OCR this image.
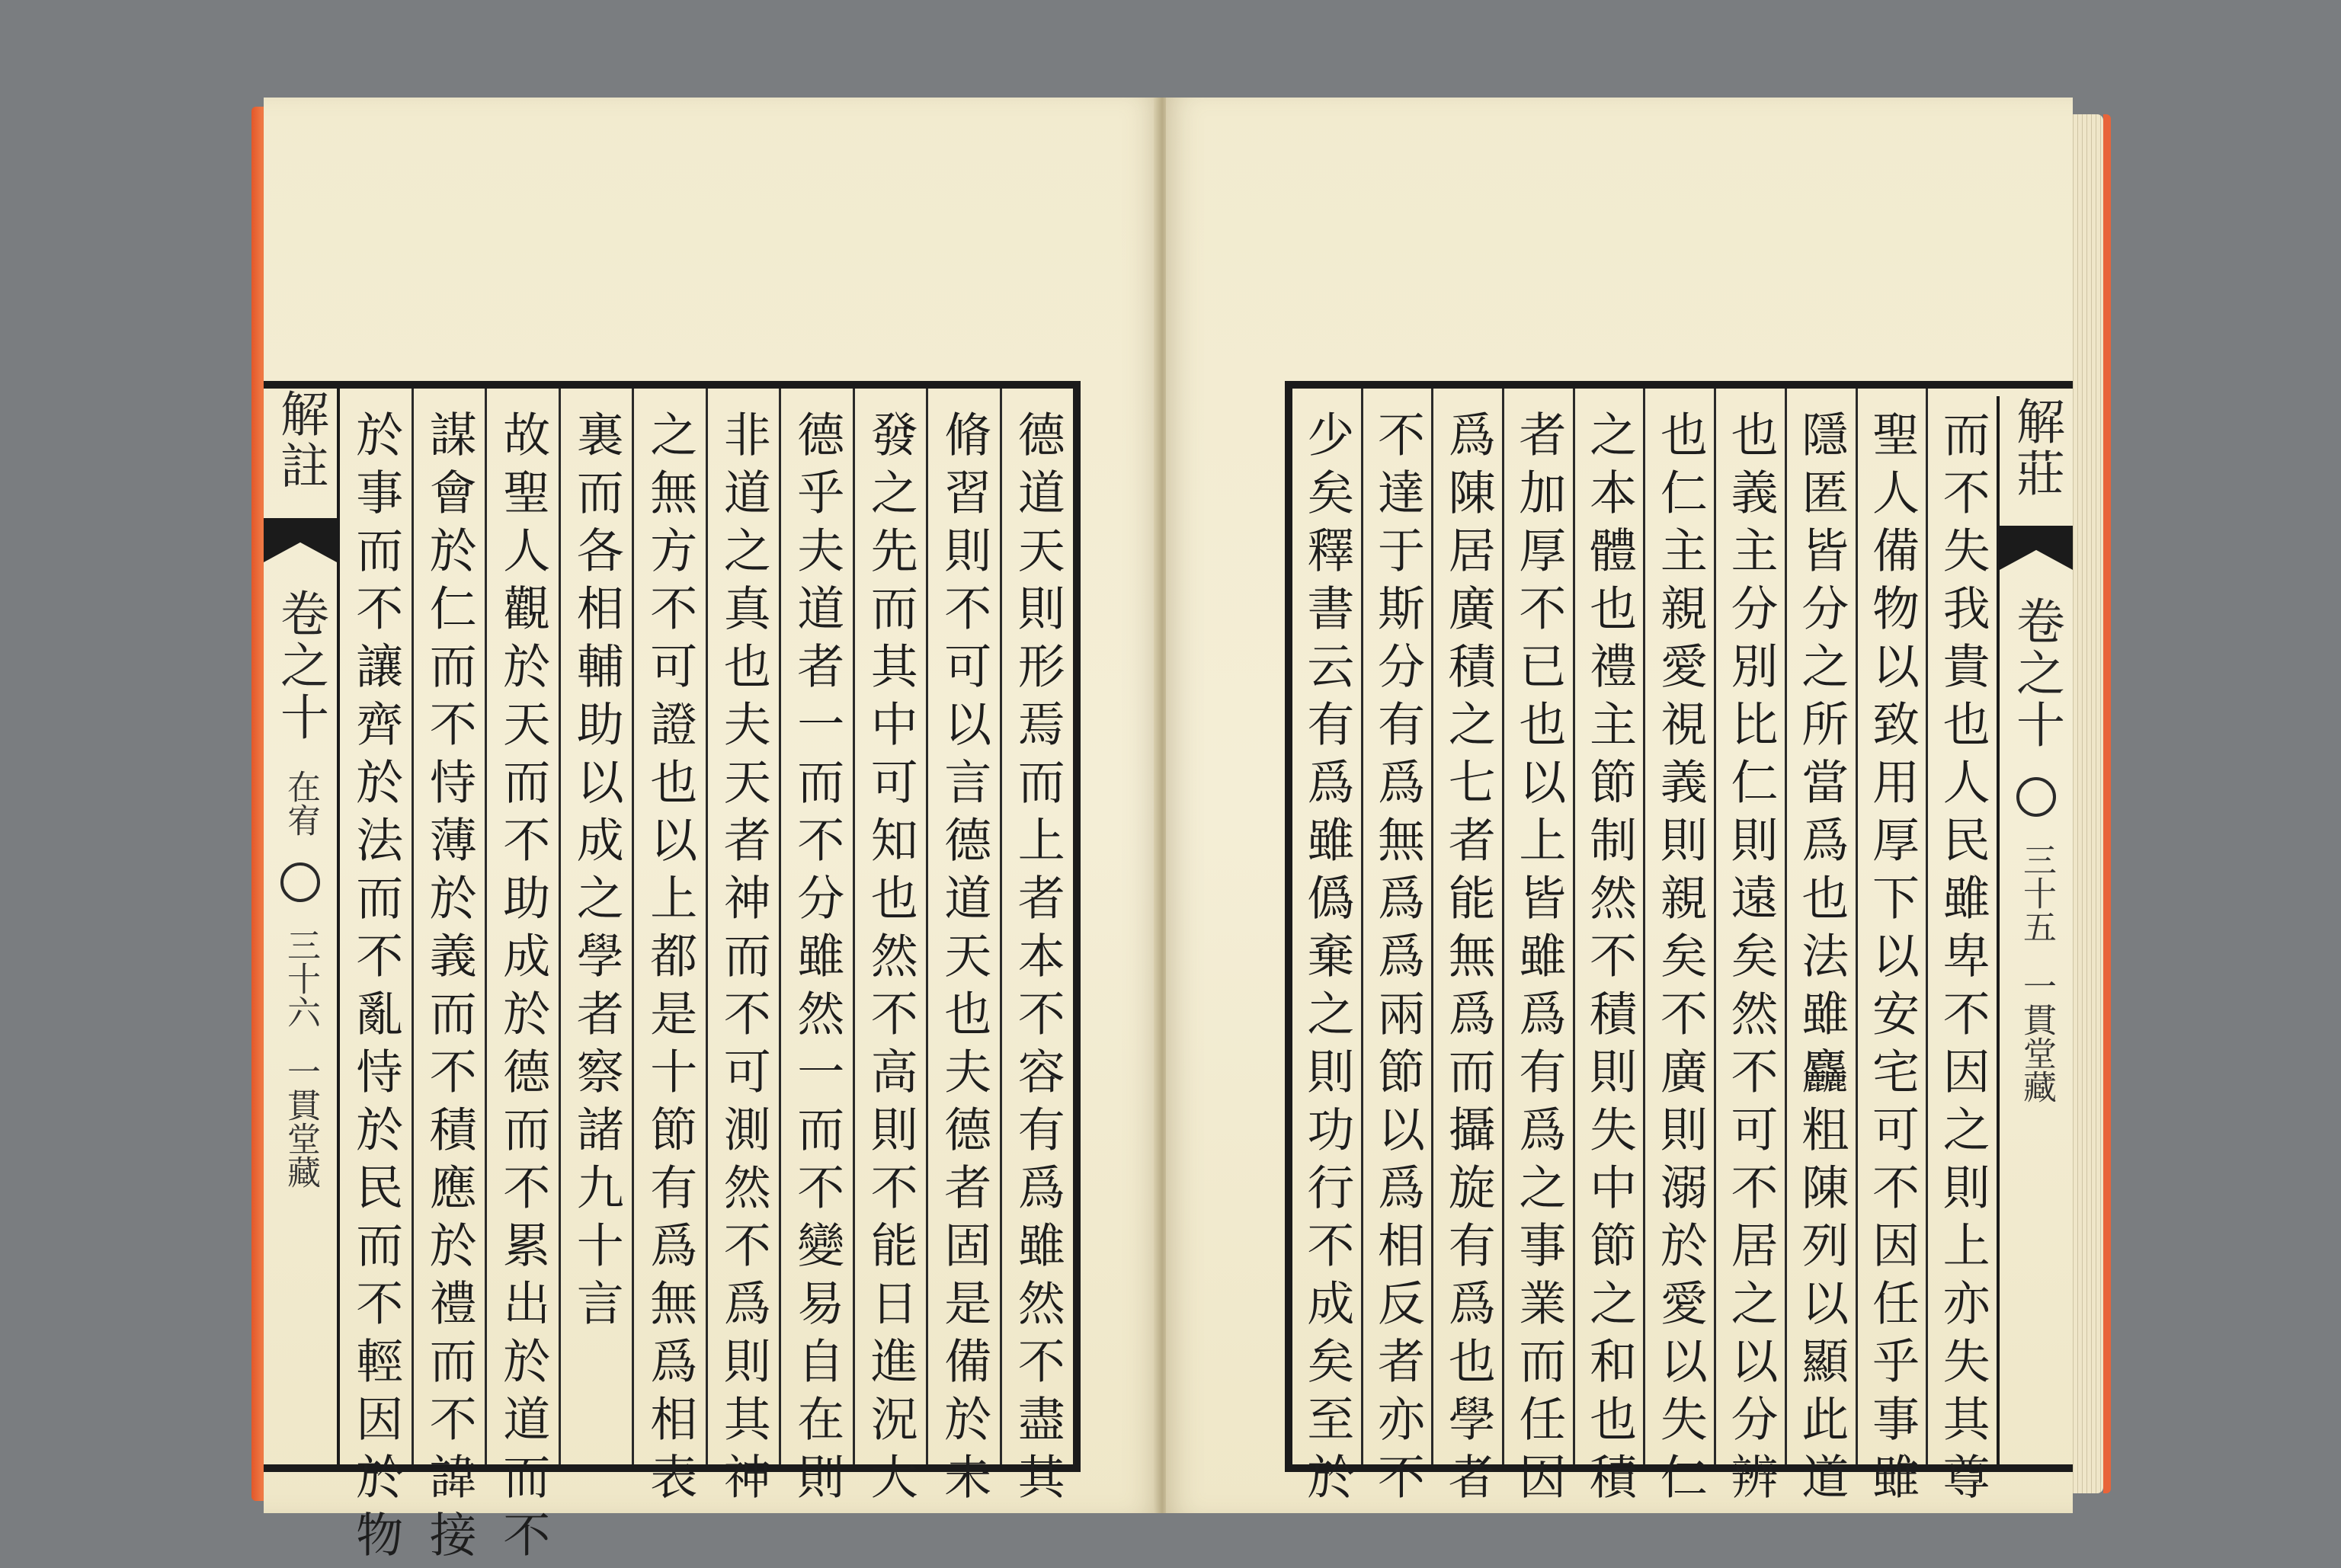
解註
卷之十
在宥
三十六
一貫堂藏	德道天則形焉而上者本不容有爲雖然不盡其
脩習則不可以言德道天也夫德者固是備於未
發之先而其中可知也然不高則不能日進況大
德乎夫道者一而不分雖然一而不變易自在則
非道之真也夫天者神而不可測然不爲則其神
之無方不可證也以上都是十節有爲無爲相表
裏而各相輔助以成之學者察諸九十言
故聖人觀於天而不助成於德而不累出於道而不
謀會於仁而不恃薄於義而不積應於禮而不諱接
於事而不讓齊於法而不亂恃於民而不輕因於物	而不失我貴也人民雖卑不因之則上亦失其尊
聖人備物以致用厚下以安宅可不因任乎事雖
隱匿皆分之所當爲也法雖麤粗陳列以顯此道
也義主分別比仁則遠矣然不可不居之以分辨
也仁主親愛視義則親矣不廣則溺於愛以失仁
之本體也禮主節制然不積則失中節之和也積
者加厚不已也以上皆雖爲有爲之事業而任因
爲陳居廣積之七者能無爲而攝旋有爲也學者
不達于斯分有爲無爲爲兩節以爲相反者亦不
少矣釋書云有爲雖僞棄之則功行不成矣至於	解莊
卷之十
三十五
一貫堂藏
